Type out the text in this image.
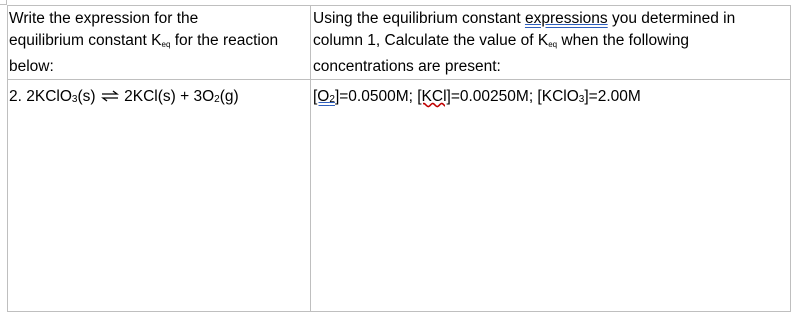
Write the expression for the
equilibrium constant $K_{eq}$ for the reaction
below:
Using the equilibrium constant expressions you determined in
column 1, Calculate the value of $K_{eq}$ when the following
concentrations are present:
2. 2KClO3(s) ⇌ 2KCl(s) + 3O2(g)	[O2]=0.0500M; [KCl]=0.00250M; [KClO3]=2.00M
